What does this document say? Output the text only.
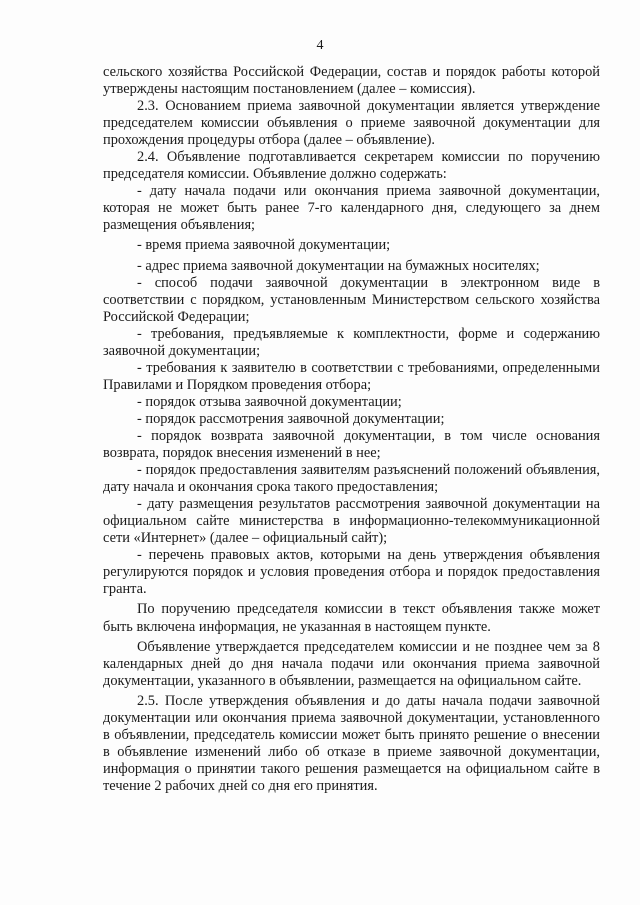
4

сельского хозяйства Российской Федерации, состав и порядок работы которой утверждены настоящим постановлением (далее – комиссия).

2.3. Основанием приема заявочной документации является утверждение председателем комиссии объявления о приеме заявочной документации для прохождения процедуры отбора (далее – объявление).

2.4. Объявление подготавливается секретарем комиссии по поручению председателя комиссии. Объявление должно содержать:

- дату начала подачи или окончания приема заявочной документации, которая не может быть ранее 7-го календарного дня, следующего за днем размещения объявления;

- время приема заявочной документации;

- адрес приема заявочной документации на бумажных носителях;

- способ подачи заявочной документации в электронном виде в соответствии с порядком, установленным Министерством сельского хозяйства Российской Федерации;

- требования, предъявляемые к комплектности, форме и содержанию заявочной документации;

- требования к заявителю в соответствии с требованиями, определенными Правилами и Порядком проведения отбора;

- порядок отзыва заявочной документации;

- порядок рассмотрения заявочной документации;

- порядок возврата заявочной документации, в том числе основания возврата, порядок внесения изменений в нее;

- порядок предоставления заявителям разъяснений положений объявления, дату начала и окончания срока такого предоставления;

- дату размещения результатов рассмотрения заявочной документации на официальном сайте министерства в информационно-телекоммуникационной сети «Интернет» (далее – официальный сайт);

- перечень правовых актов, которыми на день утверждения объявления регулируются порядок и условия проведения отбора и порядок предоставления гранта.

По поручению председателя комиссии в текст объявления также может быть включена информация, не указанная в настоящем пункте.

Объявление утверждается председателем комиссии и не позднее чем за 8 календарных дней до дня начала подачи или окончания приема заявочной документации, указанного в объявлении, размещается на официальном сайте.

2.5. После утверждения объявления и до даты начала подачи заявочной документации или окончания приема заявочной документации, установленного в объявлении, председатель комиссии может быть принято решение о внесении в объявление изменений либо об отказе в приеме заявочной документации, информация о принятии такого решения размещается на официальном сайте в течение 2 рабочих дней со дня его принятия.
